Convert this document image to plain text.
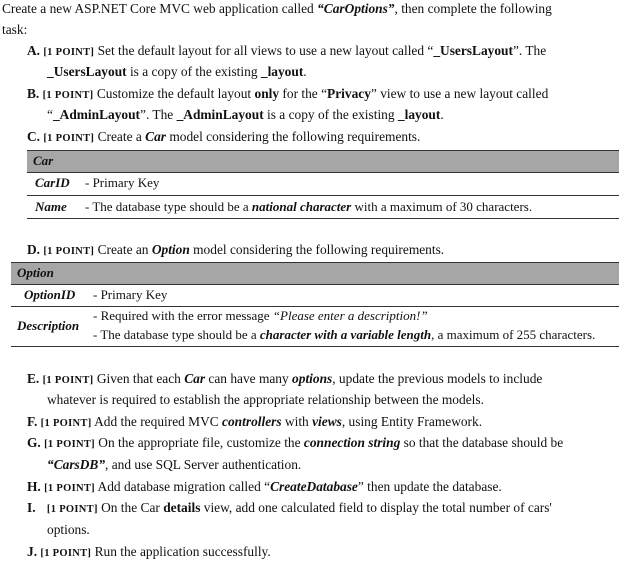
Create a new ASP.NET Core MVC web application called “CarOptions”, then complete the following
task:
A. [1 POINT] Set the default layout for all views to use a new layout called “_UsersLayout”. The
_UsersLayout is a copy of the existing _layout.
B. [1 POINT] Customize the default layout only for the “Privacy” view to use a new layout called
“_AdminLayout”. The _AdminLayout is a copy of the existing _layout.
C. [1 POINT] Create a Car model considering the following requirements.
Car
CarID - Primary Key
Name - The database type should be a national character with a maximum of 30 characters.
D. [1 POINT] Create an Option model considering the following requirements.
Option
OptionID - Primary Key
Description
- Required with the error message “Please enter a description!”
- The database type should be a character with a variable length, a maximum of 255 characters.
E. [1 POINT] Given that each Car can have many options, update the previous models to include
whatever is required to establish the appropriate relationship between the models.
F. [1 POINT] Add the required MVC controllers with views, using Entity Framework.
G. [1 POINT] On the appropriate file, customize the connection string so that the database should be
“CarsDB”, and use SQL Server authentication.
H. [1 POINT] Add database migration called “CreateDatabase” then update the database.
I. [1 POINT] On the Car details view, add one calculated field to display the total number of cars'
options.
J. [1 POINT] Run the application successfully.
